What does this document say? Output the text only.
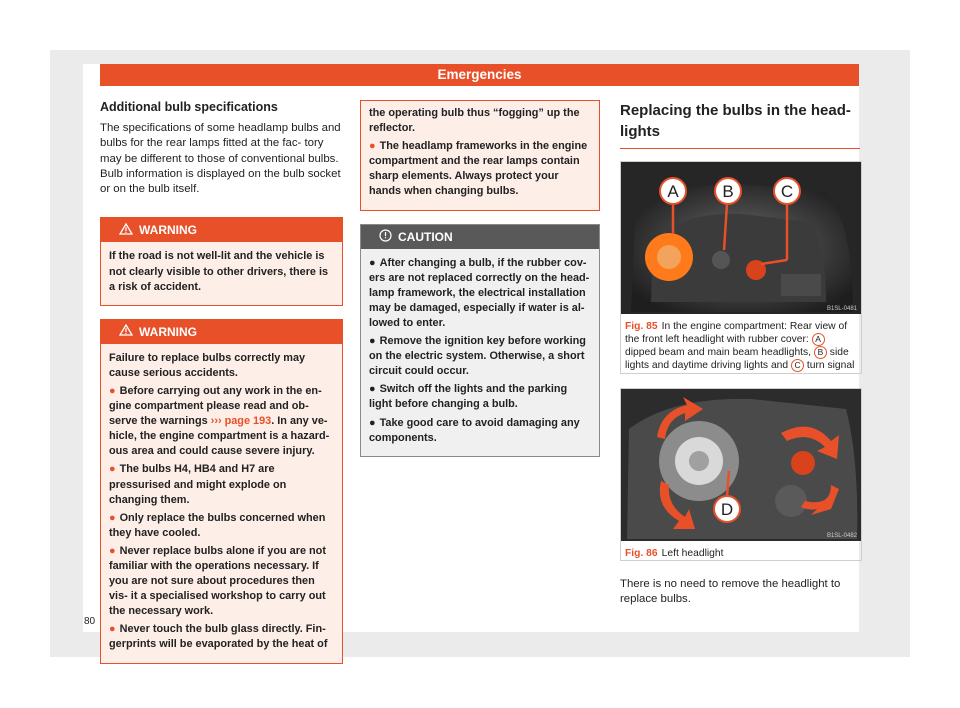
Emergencies
Additional bulb specifications

The specifications of some headlamp bulbs and bulbs for the rear lamps fitted at the fac- tory may be different to those of conventional bulbs. Bulb information is displayed on the bulb socket or on the bulb itself.

WARNING
If the road is not well-lit and the vehicle is not clearly visible to other drivers, there is a risk of accident.
WARNING
Failure to replace bulbs correctly may cause serious accidents.
● Before carrying out any work in the en- gine compartment please read and ob- serve the warnings ››› page 193. In any ve- hicle, the engine compartment is a hazard- ous area and could cause severe injury.
● The bulbs H4, HB4 and H7 are pressurised and might explode on changing them.
● Only replace the bulbs concerned when they have cooled.
● Never replace bulbs alone if you are not familiar with the operations necessary. If you are not sure about procedures then vis- it a specialised workshop to carry out the necessary work.
● Never touch the bulb glass directly. Fin- gerprints will be evaporated by the heat of
the operating bulb thus “fogging” up the reflector.
● The headlamp frameworks in the engine compartment and the rear lamps contain sharp elements. Always protect your hands when changing bulbs.
CAUTION
● After changing a bulb, if the rubber cov- ers are not replaced correctly on the head- lamp framework, the electrical installation may be damaged, especially if water is al- lowed to enter.
● Remove the ignition key before working on the electric system. Otherwise, a short circuit could occur.
● Switch off the lights and the parking light before changing a bulb.
● Take good care to avoid damaging any components.
Replacing the bulbs in the head- lights
A	B	C
B1SL-0481
Fig. 85 In the engine compartment: Rear view of the front left headlight with rubber cover: A dipped beam and main beam headlights, B side lights and daytime driving lights and C turn signal
D
B1SL-0482
Fig. 86 Left headlight

There is no need to remove the headlight to replace bulbs.

80
